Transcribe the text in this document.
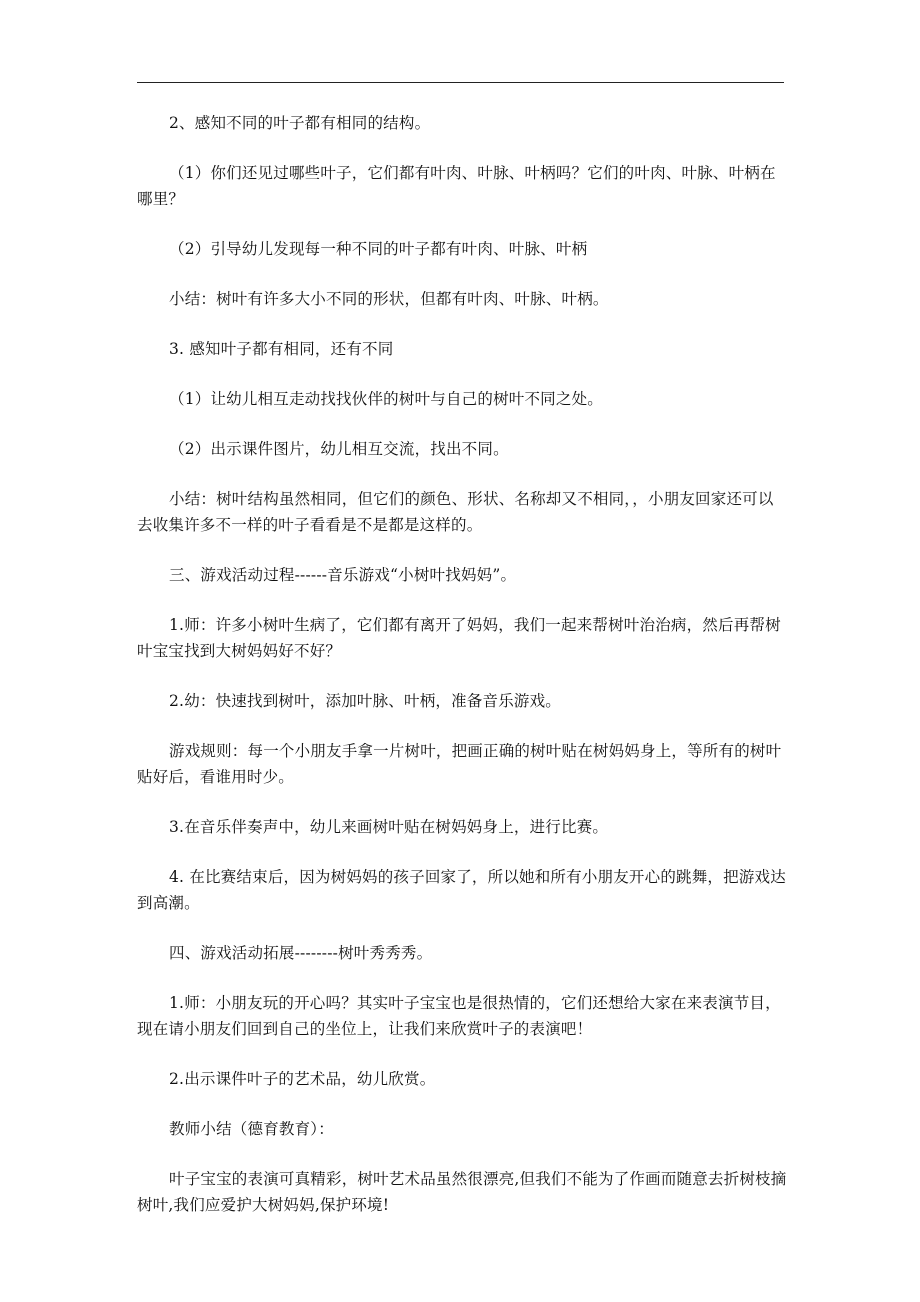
2、感知不同的叶子都有相同的结构。

（1）你们还见过哪些叶子，它们都有叶肉、叶脉、叶柄吗？它们的叶肉、叶脉、叶柄在哪里？

（2）引导幼儿发现每一种不同的叶子都有叶肉、叶脉、叶柄

小结：树叶有许多大小不同的形状，但都有叶肉、叶脉、叶柄。

3. 感知叶子都有相同，还有不同

（1）让幼儿相互走动找找伙伴的树叶与自己的树叶不同之处。

（2）出示课件图片，幼儿相互交流，找出不同。

小结：树叶结构虽然相同，但它们的颜色、形状、名称却又不相同，，小朋友回家还可以去收集许多不一样的叶子看看是不是都是这样的。

三、游戏活动过程------音乐游戏“小树叶找妈妈”。

1.师：许多小树叶生病了，它们都有离开了妈妈，我们一起来帮树叶治治病，然后再帮树叶宝宝找到大树妈妈好不好？

2.幼：快速找到树叶，添加叶脉、叶柄，准备音乐游戏。

游戏规则：每一个小朋友手拿一片树叶，把画正确的树叶贴在树妈妈身上，等所有的树叶贴好后，看谁用时少。

3.在音乐伴奏声中，幼儿来画树叶贴在树妈妈身上，进行比赛。

4. 在比赛结束后，因为树妈妈的孩子回家了，所以她和所有小朋友开心的跳舞，把游戏达到高潮。

四、游戏活动拓展--------树叶秀秀秀。

1.师：小朋友玩的开心吗？其实叶子宝宝也是很热情的，它们还想给大家在来表演节目，现在请小朋友们回到自己的坐位上，让我们来欣赏叶子的表演吧！

2.出示课件叶子的艺术品，幼儿欣赏。

教师小结（德育教育）：

叶子宝宝的表演可真精彩，树叶艺术品虽然很漂亮,但我们不能为了作画而随意去折树枝摘树叶,我们应爱护大树妈妈,保护环境!
